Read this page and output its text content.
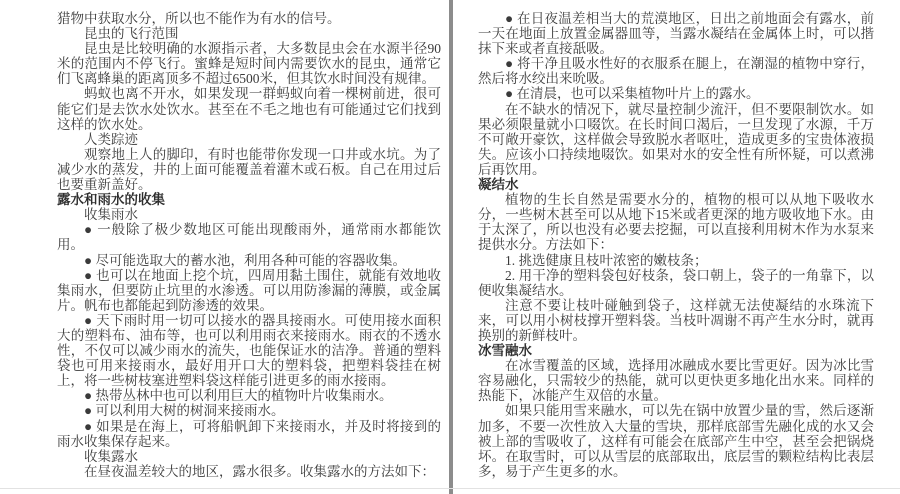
猎物中获取水分，所以也不能作为有水的信号。

昆虫的飞行范围

昆虫是比较明确的水源指示者，大多数昆虫会在水源半径90米的范围内不停飞行。蜜蜂是短时间内需要饮水的昆虫，通常它们飞离蜂巢的距离顶多不超过6500米，但其饮水时间没有规律。

蚂蚁也离不开水，如果发现一群蚂蚁向着一棵树前进，很可能它们是去饮水处饮水。甚至在不毛之地也有可能通过它们找到这样的饮水处。

人类踪迹

观察地上人的脚印，有时也能带你发现一口井或水坑。为了减少水的蒸发，井的上面可能覆盖着灌木或石板。自己在用过后也要重新盖好。

露水和雨水的收集

收集雨水

● 一般除了极少数地区可能出现酸雨外，通常雨水都能饮用。

● 尽可能选取大的蓄水池，利用各种可能的容器收集。

● 也可以在地面上挖个坑，四周用黏土围住，就能有效地收集雨水，但要防止坑里的水渗透。可以用防渗漏的薄膜，或金属片。帆布也都能起到防渗透的效果。

● 天下雨时用一切可以接水的器具接雨水。可使用接水面积大的塑料布、油布等，也可以利用雨衣来接雨水。雨衣的不透水性，不仅可以减少雨水的流失，也能保证水的洁净。普通的塑料袋也可用来接雨水，最好用开口大的塑料袋，把塑料袋挂在树上，将一些树枝塞进塑料袋这样能引进更多的雨水接雨。

● 热带丛林中也可以利用巨大的植物叶片收集雨水。

● 可以利用大树的树洞来接雨水。

● 如果是在海上，可将船帆卸下来接雨水，并及时将接到的雨水收集保存起来。

收集露水

在昼夜温差较大的地区，露水很多。收集露水的方法如下：

● 在日夜温差相当大的荒漠地区，日出之前地面会有露水，前一天在地面上放置金属器皿等，当露水凝结在金属体上时，可以揩抹下来或者直接舐吸。

● 将干净且吸水性好的衣服系在腿上，在潮湿的植物中穿行，然后将水绞出来吮吸。

● 在清晨，也可以采集植物叶片上的露水。

在不缺水的情况下，就尽量控制少流汗，但不要限制饮水。如果必须限量就小口啜饮。在长时间口渴后，一旦发现了水源，千万不可敞开豪饮，这样做会导致脱水者呕吐，造成更多的宝贵体液损失。应该小口持续地啜饮。如果对水的安全性有所怀疑，可以煮沸后再饮用。

凝结水

植物的生长自然是需要水分的，植物的根可以从地下吸收水分，一些树木甚至可以从地下15米或者更深的地方吸收地下水。由于太深了，所以也没有必要去挖掘，可以直接利用树木作为水泵来提供水分。方法如下：

1. 挑选健康且枝叶浓密的嫩枝条；

2. 用干净的塑料袋包好枝条，袋口朝上，袋子的一角靠下，以便收集凝结水。

注意不要让枝叶碰触到袋子，这样就无法使凝结的水珠流下来，可以用小树枝撑开塑料袋。当枝叶凋谢不再产生水分时，就再换别的新鲜枝叶。

冰雪融水

在冰雪覆盖的区域，选择用冰融成水要比雪更好。因为冰比雪容易融化，只需较少的热能，就可以更快更多地化出水来。同样的热能下，冰能产生双倍的水量。

如果只能用雪来融水，可以先在锅中放置少量的雪，然后逐渐加多，不要一次性放入大量的雪块，那样底部雪先融化成的水又会被上部的雪吸收了，这样有可能会在底部产生中空，甚至会把锅烧坏。在取雪时，可以从雪层的底部取出，底层雪的颗粒结构比表层多，易于产生更多的水。
